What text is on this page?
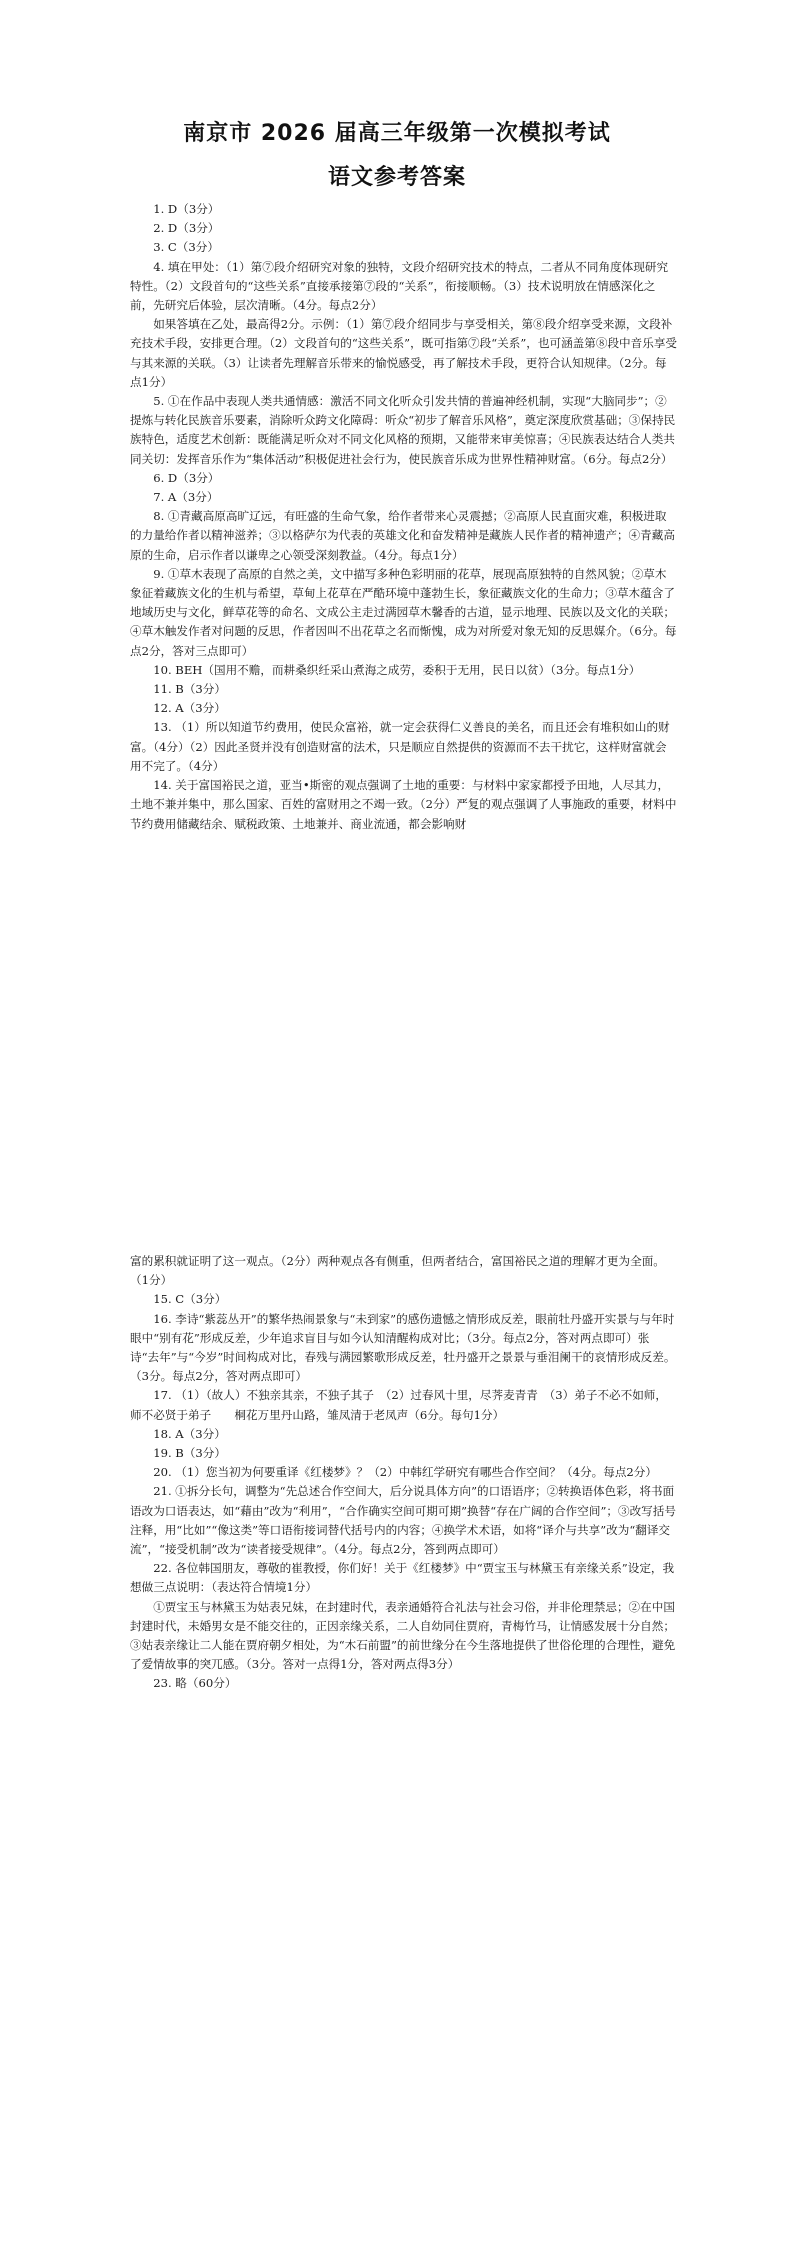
南京市 2026 届高三年级第一次模拟考试
语文参考答案

1. D（3分）

2. D（3分）

3. C（3分）

4. 填在甲处：（1）第⑦段介绍研究对象的独特，文段介绍研究技术的特点，二者从不同角度体现研究特性。（2）文段首句的“这些关系”直接承接第⑦段的“关系”，衔接顺畅。（3）技术说明放在情感深化之前，先研究后体验，层次清晰。（4分。每点2分）

如果答填在乙处，最高得2分。示例：（1）第⑦段介绍同步与享受相关，第⑧段介绍享受来源，文段补充技术手段，安排更合理。（2）文段首句的“这些关系”，既可指第⑦段“关系”，也可涵盖第⑧段中音乐享受与其来源的关联。（3）让读者先理解音乐带来的愉悦感受，再了解技术手段，更符合认知规律。（2分。每点1分）

5. ①在作品中表现人类共通情感：激活不同文化听众引发共情的普遍神经机制，实现“大脑同步”；②提炼与转化民族音乐要素，消除听众跨文化障碍：听众“初步了解音乐风格”，奠定深度欣赏基础；③保持民族特色，适度艺术创新：既能满足听众对不同文化风格的预期，又能带来审美惊喜；④民族表达结合人类共同关切：发挥音乐作为“集体活动”积极促进社会行为，使民族音乐成为世界性精神财富。（6分。每点2分）

6. D（3分）

7. A（3分）

8. ①青藏高原高旷辽远，有旺盛的生命气象，给作者带来心灵震撼；②高原人民直面灾难，积极进取的力量给作者以精神滋养；③以格萨尔为代表的英雄文化和奋发精神是藏族人民作者的精神遗产；④青藏高原的生命，启示作者以谦卑之心领受深刻教益。（4分。每点1分）

9. ①草木表现了高原的自然之美，文中描写多种色彩明丽的花草，展现高原独特的自然风貌；②草木象征着藏族文化的生机与希望，草甸上花草在严酷环境中蓬勃生长，象征藏族文化的生命力；③草木蕴含了地域历史与文化，鲜草花等的命名、文成公主走过满园草木馨香的古道，显示地理、民族以及文化的关联；④草木触发作者对问题的反思，作者因叫不出花草之名而惭愧，成为对所爱对象无知的反思媒介。（6分。每点2分，答对三点即可）

10. BEH（国用不赡，而耕桑织纴采山煮海之成劳，委积于无用，民日以贫）（3分。每点1分）

11. B（3分）

12. A（3分）

13. （1）所以知道节约费用，使民众富裕，就一定会获得仁义善良的美名，而且还会有堆积如山的财富。（4分）（2）因此圣贤并没有创造财富的法术，只是顺应自然提供的资源而不去干扰它，这样财富就会用不完了。（4分）

14. 关于富国裕民之道，亚当•斯密的观点强调了土地的重要：与材料中家家都授予田地，人尽其力，土地不兼并集中，那么国家、百姓的富财用之不竭一致。（2分）严复的观点强调了人事施政的重要，材料中节约费用储藏结余、赋税政策、土地兼并、商业流通，都会影响财

富的累积就证明了这一观点。（2分）两种观点各有侧重，但两者结合，富国裕民之道的理解才更为全面。（1分）

15. C（3分）

16. 李诗“紫蕊丛开”的繁华热闹景象与“未到家”的感伤遗憾之情形成反差，眼前牡丹盛开实景与与年时眼中“别有花”形成反差，少年追求盲目与如今认知清醒构成对比；（3分。每点2分，答对两点即可）张诗“去年”与“今岁”时间构成对比，春残与满园繁歌形成反差，牡丹盛开之景景与垂泪阑干的哀情形成反差。（3分。每点2分，答对两点即可）

17. （1）（故人）不独亲其亲，不独子其子　（2）过春风十里，尽荠麦青青　（3）弟子不必不如师，师不必贤于弟子　　桐花万里丹山路，雏凤清于老凤声（6分。每句1分）

18. A（3分）

19. B（3分）

20. （1）您当初为何要重译《红楼梦》？（2）中韩红学研究有哪些合作空间？（4分。每点2分）

21. ①拆分长句，调整为“先总述合作空间大，后分说具体方向”的口语语序；②转换语体色彩，将书面语改为口语表达，如“藉由”改为“利用”，“合作确实空间可期可期”换替“存在广阔的合作空间”；③改写括号注释，用“比如”“像这类”等口语衔接词替代括号内的内容；④换学术术语，如将“译介与共享”改为“翻译交流”，“接受机制”改为“读者接受规律”。（4分。每点2分，答到两点即可）

22. 各位韩国朋友，尊敬的崔教授，你们好！关于《红楼梦》中“贾宝玉与林黛玉有亲缘关系”设定，我想做三点说明：（表达符合情境1分）

①贾宝玉与林黛玉为姑表兄妹，在封建时代，表亲通婚符合礼法与社会习俗，并非伦理禁忌；②在中国封建时代，未婚男女是不能交往的，正因亲缘关系，二人自幼同住贾府，青梅竹马，让情感发展十分自然；③姑表亲缘让二人能在贾府朝夕相处，为“木石前盟”的前世缘分在今生落地提供了世俗伦理的合理性，避免了爱情故事的突兀感。（3分。答对一点得1分，答对两点得3分）

23. 略（60分）
